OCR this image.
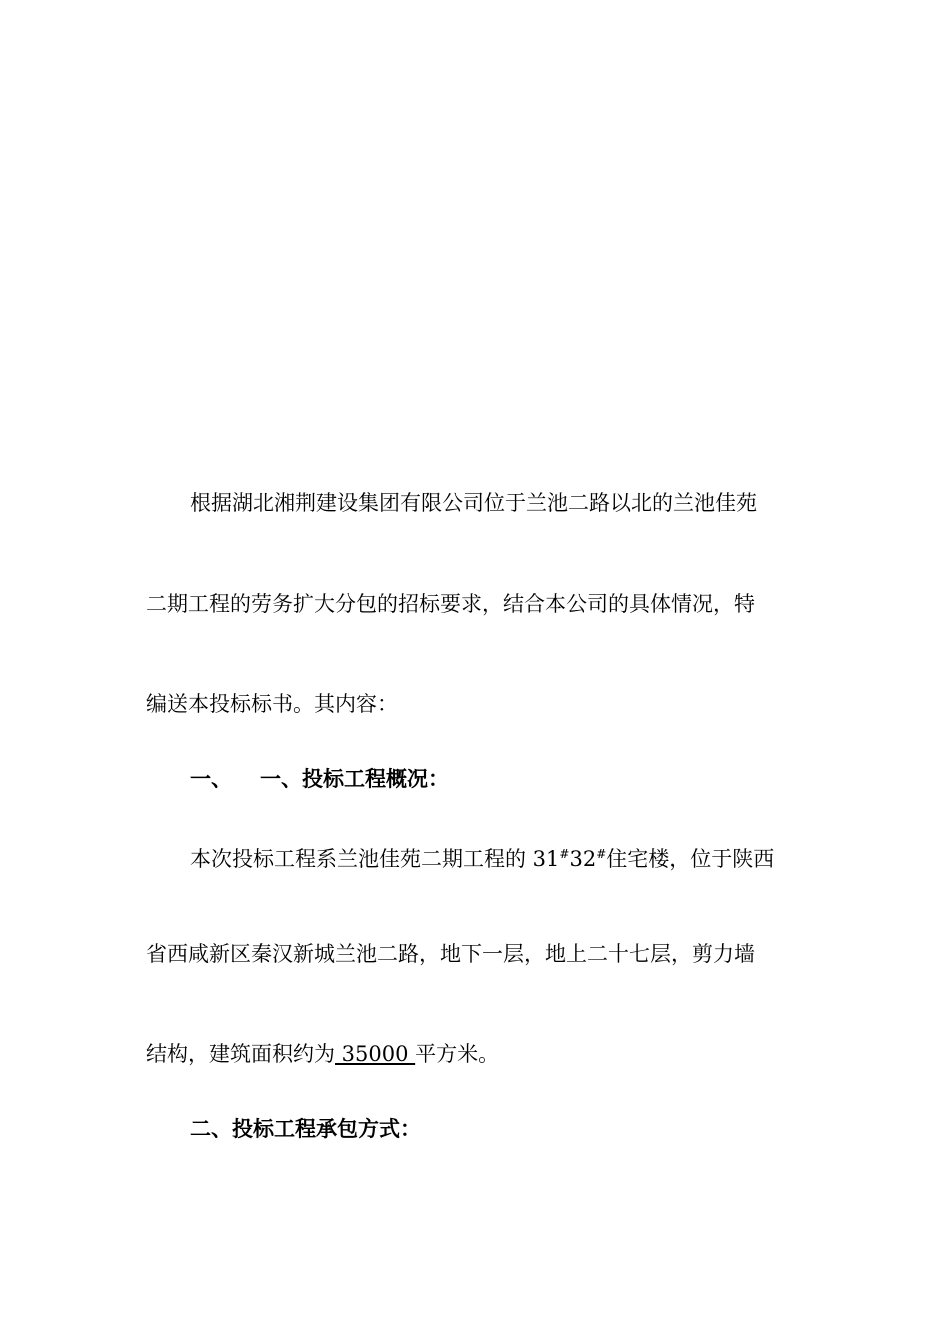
根据湖北湘荆建设集团有限公司位于兰池二路以北的兰池佳苑
二期工程的劳务扩大分包的招标要求，结合本公司的具体情况，特
编送本投标标书。其内容：
一、 一、投标工程概况：
本次投标工程系兰池佳苑二期工程的 31#32#住宅楼，位于陕西
省西咸新区秦汉新城兰池二路，地下一层，地上二十七层，剪力墙
结构，建筑面积约为 35000 平方米。
二、投标工程承包方式：
